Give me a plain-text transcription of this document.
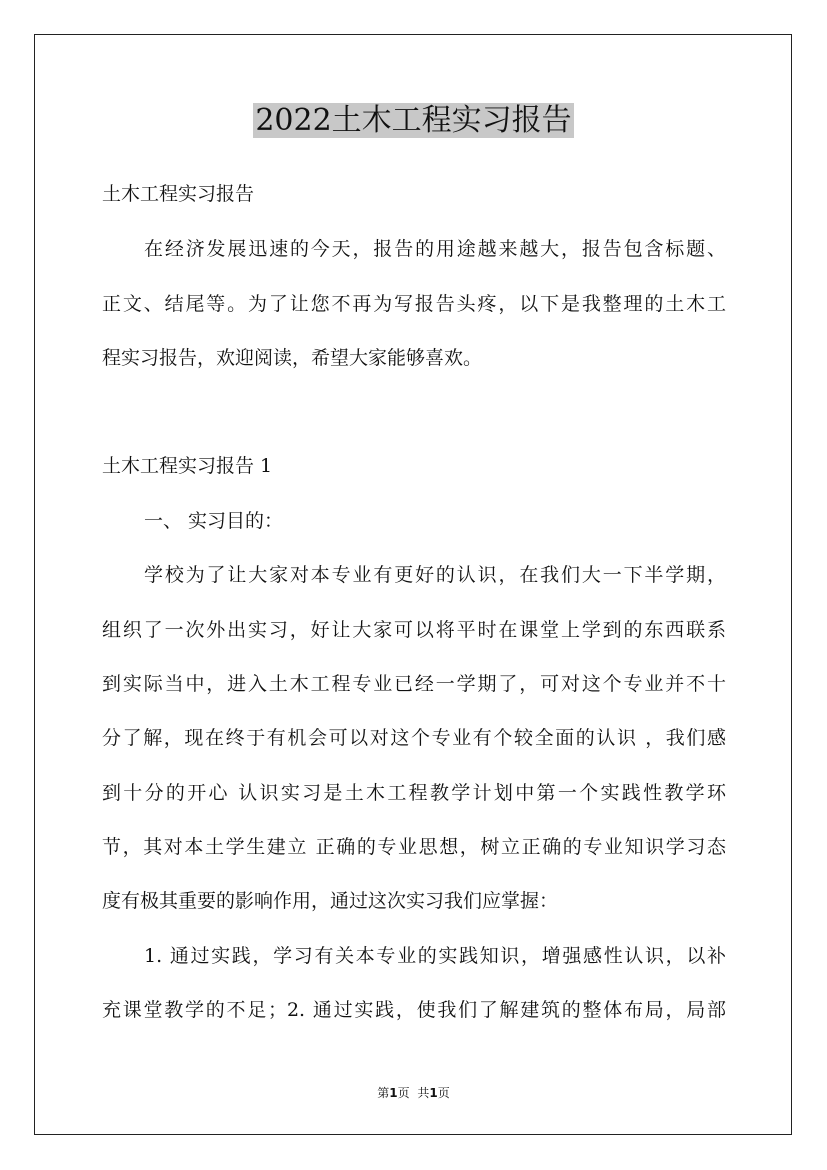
2022土木工程实习报告
土木工程实习报告
在经济发展迅速的今天，报告的用途越来越大，报告包含标题、
正文、结尾等。为了让您不再为写报告头疼，以下是我整理的土木工
程实习报告，欢迎阅读，希望大家能够喜欢。
土木工程实习报告 1
一、 实习目的：
学校为了让大家对本专业有更好的认识，在我们大一下半学期，
组织了一次外出实习，好让大家可以将平时在课堂上学到的东西联系
到实际当中，进入土木工程专业已经一学期了，可对这个专业并不十
分了解，现在终于有机会可以对这个专业有个较全面的认识 ，我们感
到十分的开心 认识实习是土木工程教学计划中第一个实践性教学环
节，其对本土学生建立 正确的专业思想，树立正确的专业知识学习态
度有极其重要的影响作用，通过这次实习我们应掌握：
1. 通过实践，学习有关本专业的实践知识，增强感性认识，以补
充课堂教学的不足；2. 通过实践，使我们了解建筑的整体布局，局部
第1页 共1页
